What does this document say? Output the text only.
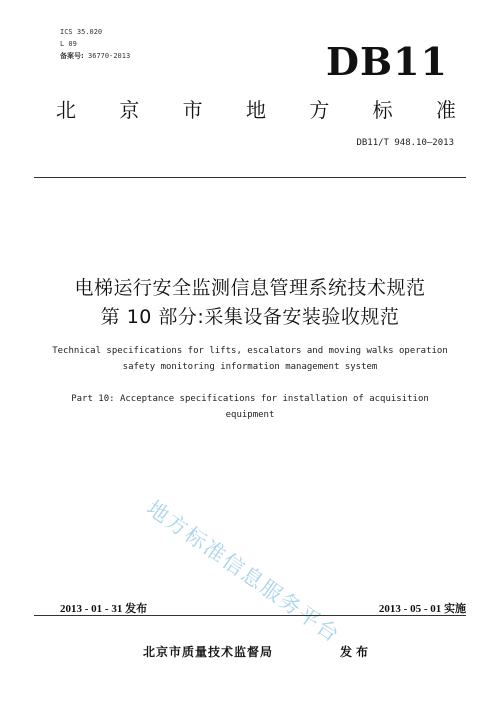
ICS 35.020
L 09
备案号: 36770-2013	DB11
北 京 市 地 方 标 准
DB11/T 948.10—2013
电梯运行安全监测信息管理系统技术规范
第 10 部分:采集设备安装验收规范
Technical specifications for lifts, escalators and moving walks operation
safety monitoring information management system
Part 10: Acceptance specifications for installation of acquisition
equipment
地方标准信息服务平台
2013 - 01 - 31 发布	2013 - 05 - 01 实施
北京市质量技术监督局	发布
